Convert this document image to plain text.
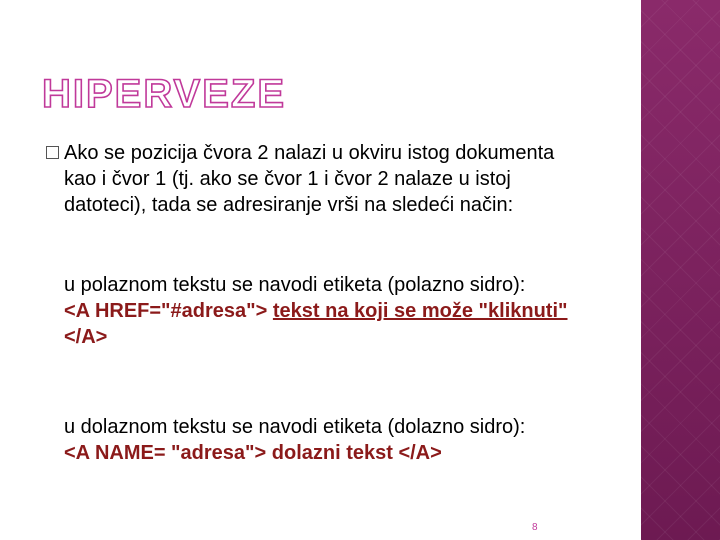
HIPERVEZE
Ako se pozicija čvora 2 nalazi u okviru istog dokumenta kao i čvor 1 (tj. ako se čvor 1 i čvor 2 nalaze u istoj datoteci), tada se adresiranje vrši na sledeći način:
u polaznom tekstu se navodi etiketa (polazno sidro):
<A HREF="#adresa"> tekst na koji se može "kliknuti" </A>
u dolaznom tekstu se navodi etiketa (dolazno sidro):
<A NAME= "adresa"> dolazni tekst </A>
8
